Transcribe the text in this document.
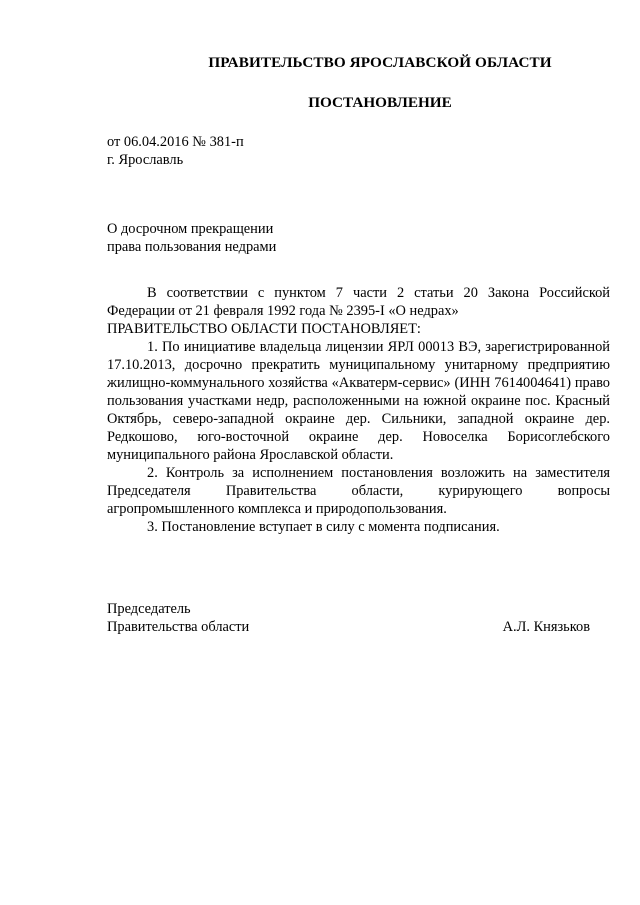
ПРАВИТЕЛЬСТВО ЯРОСЛАВСКОЙ ОБЛАСТИ
ПОСТАНОВЛЕНИЕ
от 06.04.2016 № 381-п
г. Ярославль
О досрочном прекращении
права пользования недрами
В соответствии с пунктом 7 части 2 статьи 20 Закона Российской Федерации от 21 февраля 1992 года № 2395-I «О недрах»
ПРАВИТЕЛЬСТВО ОБЛАСТИ ПОСТАНОВЛЯЕТ:
1. По инициативе владельца лицензии ЯРЛ 00013 ВЭ, зарегистрированной 17.10.2013, досрочно прекратить муниципальному унитарному предприятию жилищно-коммунального хозяйства «Акватерм-сервис» (ИНН 7614004641) право пользования участками недр, расположенными на южной окраине пос. Красный Октябрь, северо-западной окраине дер. Сильники, западной окраине дер. Редкошово, юго-восточной окраине дер. Новоселка Борисоглебского муниципального района Ярославской области.
2. Контроль за исполнением постановления возложить на заместителя Председателя Правительства области, курирующего вопросы агропромышленного комплекса и природопользования.
3. Постановление вступает в силу с момента подписания.
Председатель
Правительства области	А.Л. Князьков
